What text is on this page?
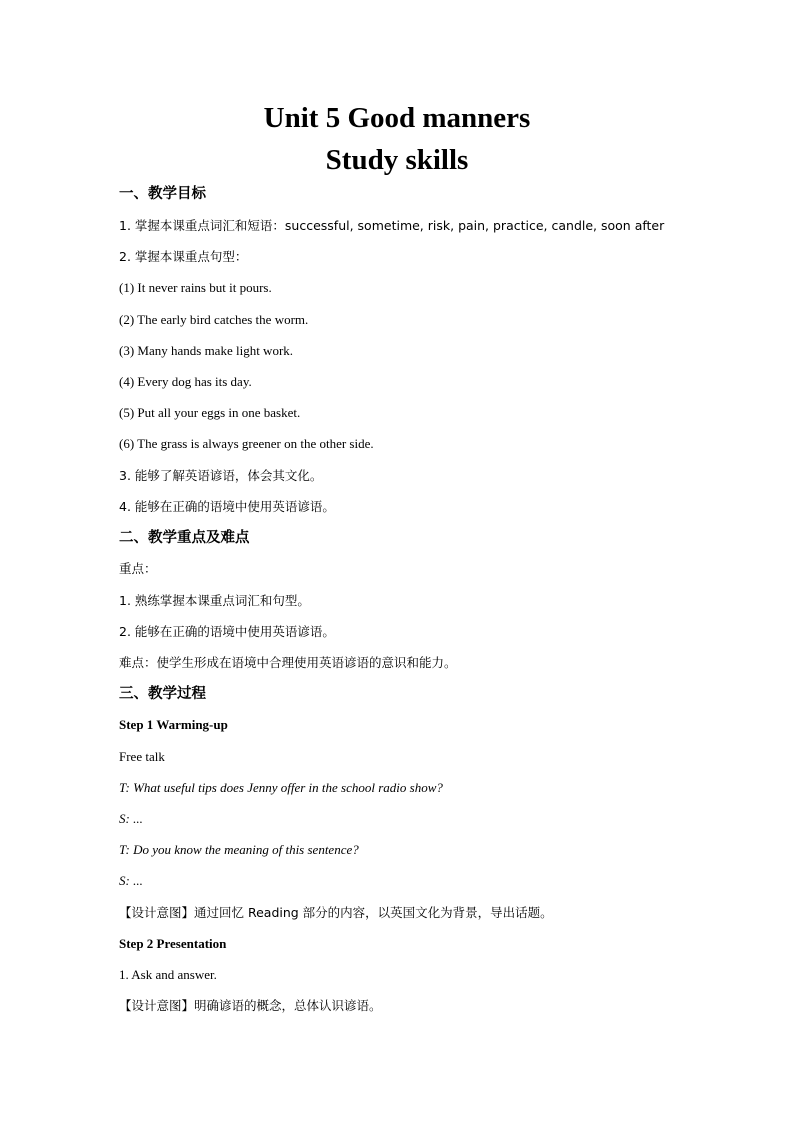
Unit 5 Good manners
Study skills
一、教学目标
1. 掌握本课重点词汇和短语：successful, sometime, risk, pain, practice, candle, soon after
2. 掌握本课重点句型：
(1) It never rains but it pours.
(2) The early bird catches the worm.
(3) Many hands make light work.
(4) Every dog has its day.
(5) Put all your eggs in one basket.
(6) The grass is always greener on the other side.
3. 能够了解英语谚语，体会其文化。
4. 能够在正确的语境中使用英语谚语。
二、教学重点及难点
重点：
1. 熟练掌握本课重点词汇和句型。
2. 能够在正确的语境中使用英语谚语。
难点：使学生形成在语境中合理使用英语谚语的意识和能力。
三、教学过程
Step 1 Warming-up
Free talk
T: What useful tips does Jenny offer in the school radio show?
S: ...
T: Do you know the meaning of this sentence?
S: ...
【设计意图】通过回忆 Reading 部分的内容，以英国文化为背景，导出话题。
Step 2 Presentation
1. Ask and answer.
【设计意图】明确谚语的概念，总体认识谚语。
